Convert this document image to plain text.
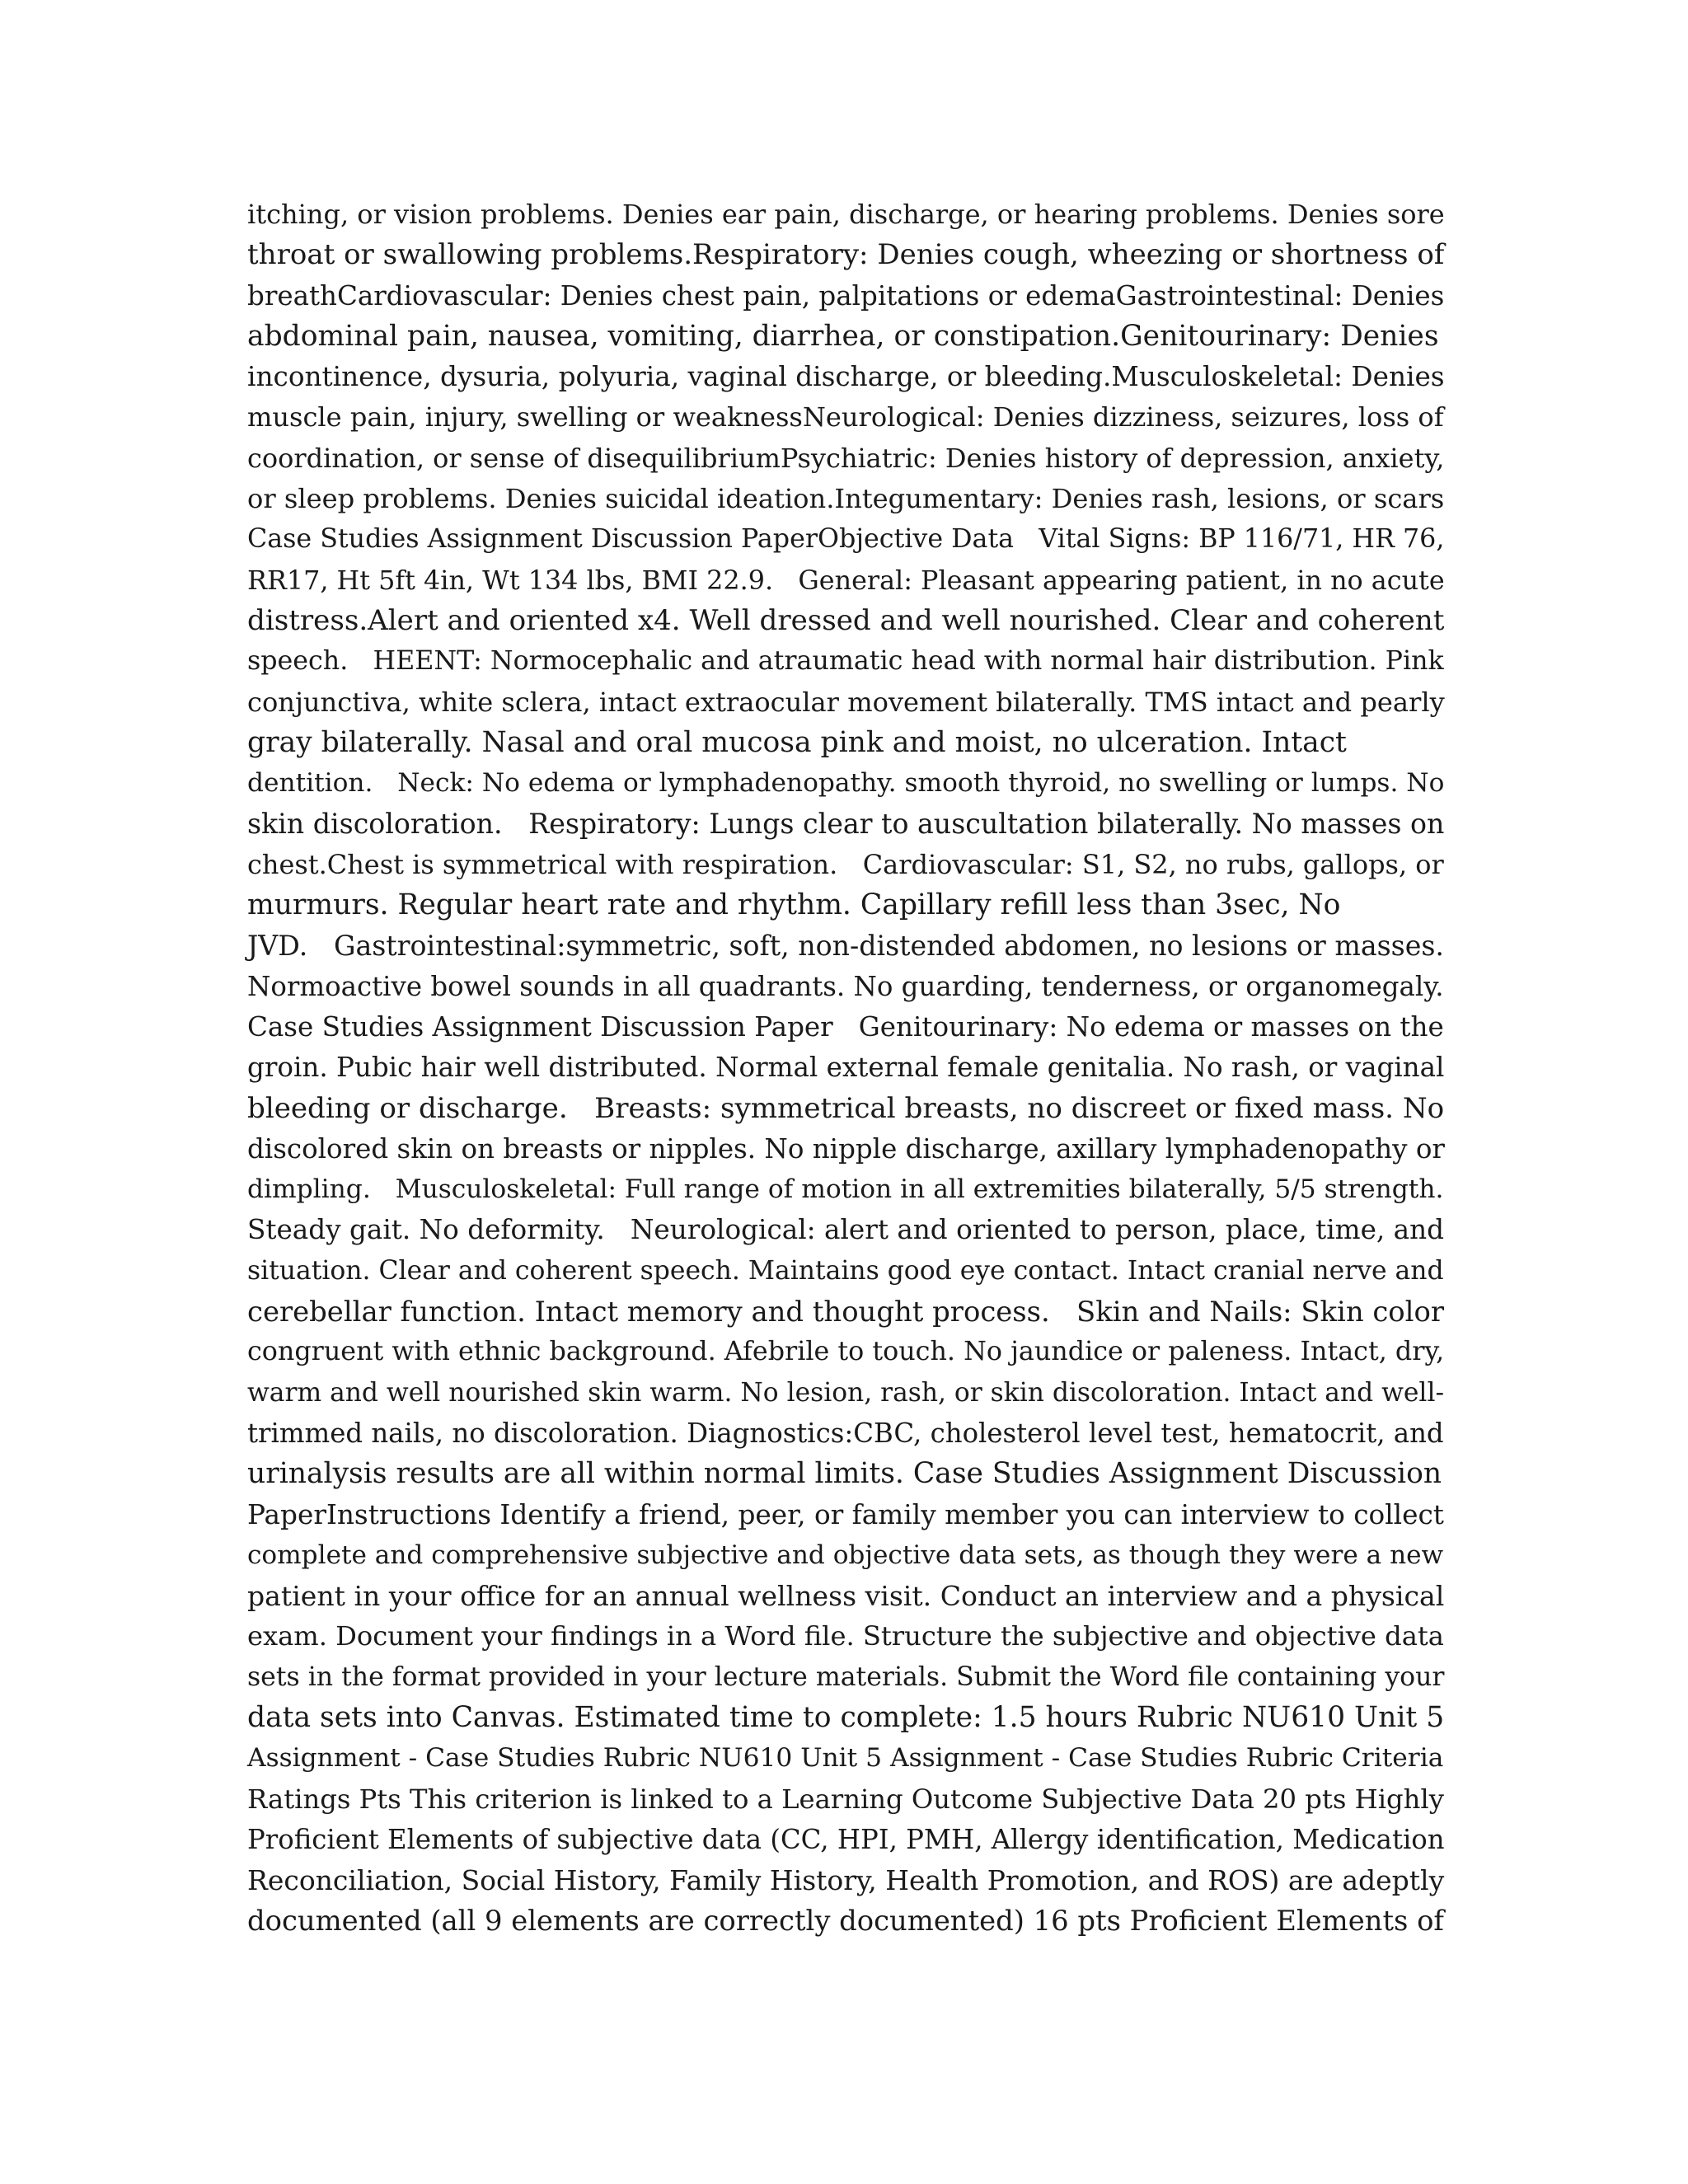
itching, or vision problems. Denies ear pain, discharge, or hearing problems. Denies sore
throat or swallowing problems.Respiratory: Denies cough, wheezing or shortness of
breathCardiovascular: Denies chest pain, palpitations or edemaGastrointestinal: Denies
abdominal pain, nausea, vomiting, diarrhea, or constipation.Genitourinary: Denies
incontinence, dysuria, polyuria, vaginal discharge, or bleeding.Musculoskeletal: Denies
muscle pain, injury, swelling or weaknessNeurological: Denies dizziness, seizures, loss of
coordination, or sense of disequilibriumPsychiatric: Denies history of depression, anxiety,
or sleep problems. Denies suicidal ideation.Integumentary: Denies rash, lesions, or scars
Case Studies Assignment Discussion PaperObjective Data   Vital Signs: BP 116/71, HR 76,
RR17, Ht 5ft 4in, Wt 134 lbs, BMI 22.9.   General: Pleasant appearing patient, in no acute
distress.Alert and oriented x4. Well dressed and well nourished. Clear and coherent
speech.   HEENT: Normocephalic and atraumatic head with normal hair distribution. Pink
conjunctiva, white sclera, intact extraocular movement bilaterally. TMS intact and pearly
gray bilaterally. Nasal and oral mucosa pink and moist, no ulceration. Intact
dentition.   Neck: No edema or lymphadenopathy. smooth thyroid, no swelling or lumps. No
skin discoloration.   Respiratory: Lungs clear to auscultation bilaterally. No masses on
chest.Chest is symmetrical with respiration.   Cardiovascular: S1, S2, no rubs, gallops, or
murmurs. Regular heart rate and rhythm. Capillary refill less than 3sec, No
JVD.   Gastrointestinal:symmetric, soft, non-distended abdomen, no lesions or masses.
Normoactive bowel sounds in all quadrants. No guarding, tenderness, or organomegaly.
Case Studies Assignment Discussion Paper   Genitourinary: No edema or masses on the
groin. Pubic hair well distributed. Normal external female genitalia. No rash, or vaginal
bleeding or discharge.   Breasts: symmetrical breasts, no discreet or fixed mass. No
discolored skin on breasts or nipples. No nipple discharge, axillary lymphadenopathy or
dimpling.   Musculoskeletal: Full range of motion in all extremities bilaterally, 5/5 strength.
Steady gait. No deformity.   Neurological: alert and oriented to person, place, time, and
situation. Clear and coherent speech. Maintains good eye contact. Intact cranial nerve and
cerebellar function. Intact memory and thought process.   Skin and Nails: Skin color
congruent with ethnic background. Afebrile to touch. No jaundice or paleness. Intact, dry,
warm and well nourished skin warm. No lesion, rash, or skin discoloration. Intact and well-
trimmed nails, no discoloration. Diagnostics:CBC, cholesterol level test, hematocrit, and
urinalysis results are all within normal limits. Case Studies Assignment Discussion
PaperInstructions Identify a friend, peer, or family member you can interview to collect
complete and comprehensive subjective and objective data sets, as though they were a new
patient in your office for an annual wellness visit. Conduct an interview and a physical
exam. Document your findings in a Word file. Structure the subjective and objective data
sets in the format provided in your lecture materials. Submit the Word file containing your
data sets into Canvas. Estimated time to complete: 1.5 hours Rubric NU610 Unit 5
Assignment - Case Studies Rubric NU610 Unit 5 Assignment - Case Studies Rubric Criteria
Ratings Pts This criterion is linked to a Learning Outcome Subjective Data 20 pts Highly
Proficient Elements of subjective data (CC, HPI, PMH, Allergy identification, Medication
Reconciliation, Social History, Family History, Health Promotion, and ROS) are adeptly
documented (all 9 elements are correctly documented) 16 pts Proficient Elements of
